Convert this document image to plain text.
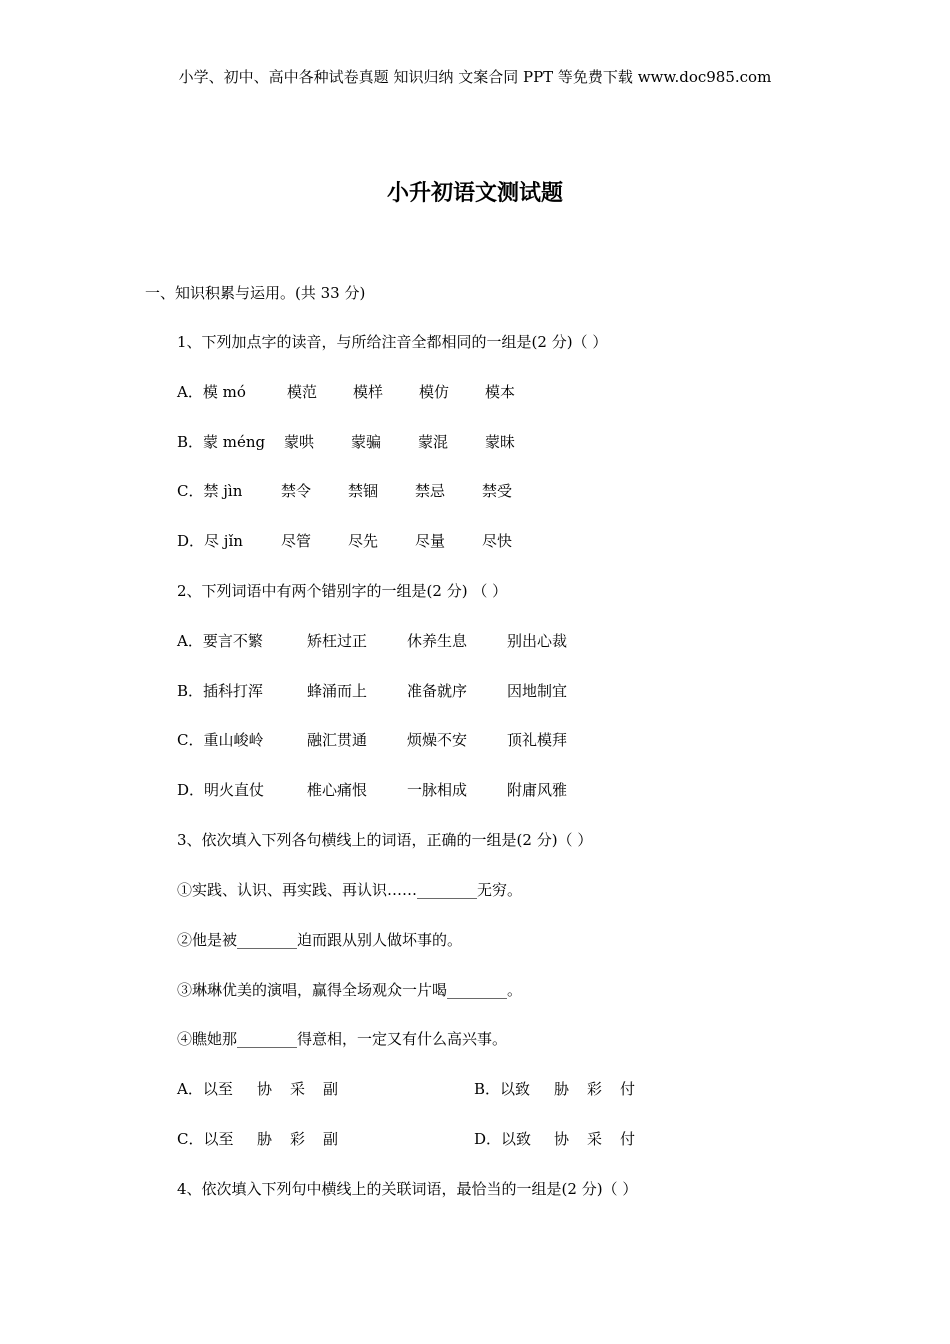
小学、初中、高中各种试卷真题 知识归纳 文案合同 PPT 等免费下载 www.doc985.com
小升初语文测试题
一、知识积累与运用。(共 33 分)
1、下列加点字的读音，与所给注音全都相同的一组是(2 分)（ ）
A．模 mó	模范 模样 模仿 模本
B．蒙 méng 蒙哄 蒙骗 蒙混 蒙昧
C．禁 jìn	禁令 禁锢 禁忌 禁受
D．尽 jǐn	尽管 尽先 尽量 尽快
2、下列词语中有两个错别字的一组是(2 分) （ ）
A．要言不繁	矫枉过正	休养生息	别出心裁
B．插科打浑	蜂涌而上	准备就序	因地制宜
C．重山峻岭	融汇贯通	烦燥不安	顶礼模拜
D．明火直仗	椎心痛恨	一脉相成	附庸风雅
3、依次填入下列各句横线上的词语，正确的一组是(2 分)（ ）
①实践、认识、再实践、再认识……________无穷。
②他是被________迫而跟从别人做坏事的。
③琳琳优美的演唱，赢得全场观众一片喝________。
④瞧她那________得意相，一定又有什么高兴事。
A．以至 协 采 副	B．以致 胁 彩 付
C．以至 胁 彩 副	D．以致 协 采 付
4、依次填入下列句中横线上的关联词语，最恰当的一组是(2 分)（ ）
